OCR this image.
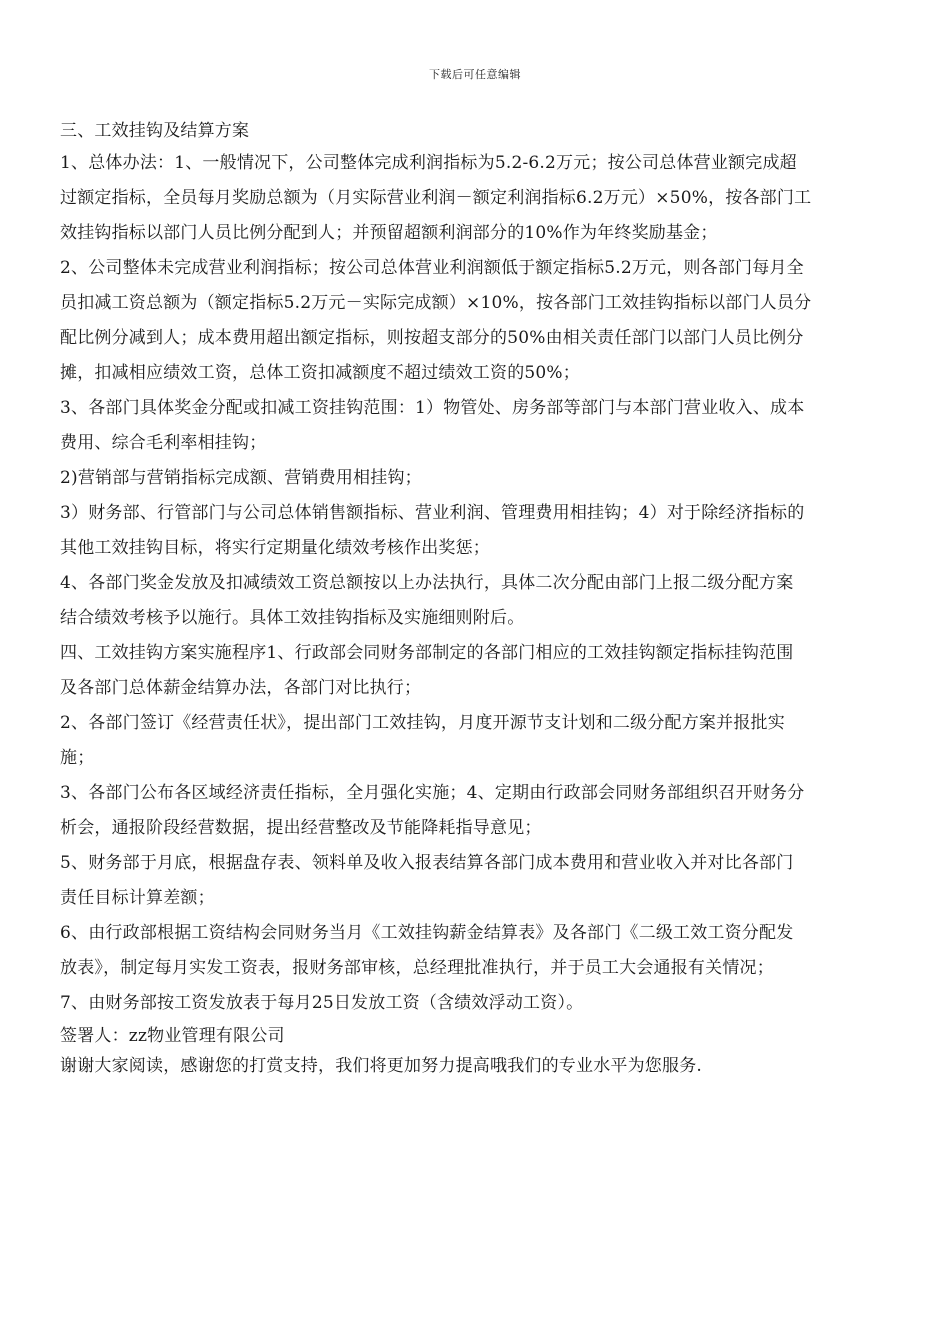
下载后可任意编辑
三、工效挂钩及结算方案
1、总体办法：1、一般情况下，公司整体完成利润指标为5.2-6.2万元；按公司总体营业额完成超
过额定指标，全员每月奖励总额为（月实际营业利润－额定利润指标6.2万元）×50%，按各部门工
效挂钩指标以部门人员比例分配到人；并预留超额利润部分的10%作为年终奖励基金；
2、公司整体未完成营业利润指标；按公司总体营业利润额低于额定指标5.2万元，则各部门每月全
员扣减工资总额为（额定指标5.2万元－实际完成额）×10%，按各部门工效挂钩指标以部门人员分
配比例分减到人；成本费用超出额定指标，则按超支部分的50%由相关责任部门以部门人员比例分
摊，扣减相应绩效工资，总体工资扣减额度不超过绩效工资的50%；
3、各部门具体奖金分配或扣减工资挂钩范围：1）物管处、房务部等部门与本部门营业收入、成本
费用、综合毛利率相挂钩；
2)营销部与营销指标完成额、营销费用相挂钩；
3）财务部、行管部门与公司总体销售额指标、营业利润、管理费用相挂钩；4）对于除经济指标的
其他工效挂钩目标，将实行定期量化绩效考核作出奖惩；
4、各部门奖金发放及扣减绩效工资总额按以上办法执行，具体二次分配由部门上报二级分配方案
结合绩效考核予以施行。具体工效挂钩指标及实施细则附后。
四、工效挂钩方案实施程序1、行政部会同财务部制定的各部门相应的工效挂钩额定指标挂钩范围
及各部门总体薪金结算办法，各部门对比执行；
2、各部门签订《经营责任状》，提出部门工效挂钩，月度开源节支计划和二级分配方案并报批实
施；
3、各部门公布各区域经济责任指标，全月强化实施；4、定期由行政部会同财务部组织召开财务分
析会，通报阶段经营数据，提出经营整改及节能降耗指导意见；
5、财务部于月底，根据盘存表、领料单及收入报表结算各部门成本费用和营业收入并对比各部门
责任目标计算差额；
6、由行政部根据工资结构会同财务当月《工效挂钩薪金结算表》及各部门《二级工效工资分配发
放表》，制定每月实发工资表，报财务部审核，总经理批准执行，并于员工大会通报有关情况；
7、由财务部按工资发放表于每月25日发放工资（含绩效浮动工资）。
签署人：zz物业管理有限公司
谢谢大家阅读，感谢您的打赏支持，我们将更加努力提高哦我们的专业水平为您服务.
